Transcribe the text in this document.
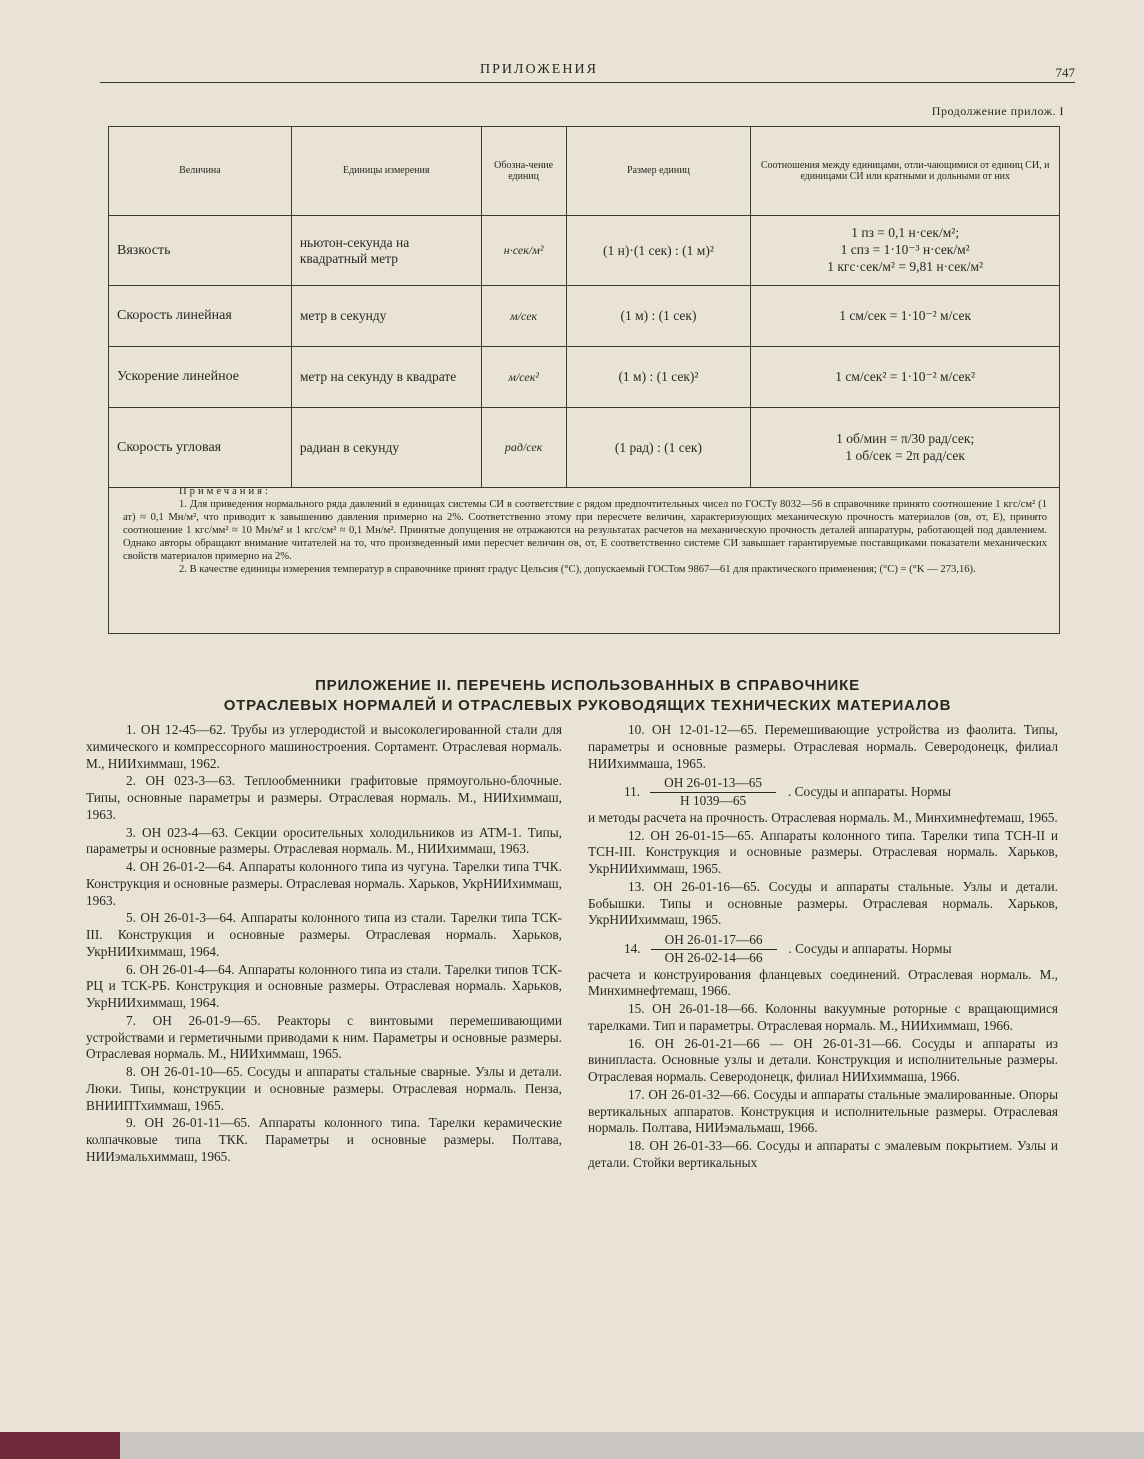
ПРИЛОЖЕНИЯ	747
Продолжение прилож. I
Величина	Единицы измерения	Обозна-чение единиц	Размер единиц	Соотношения между единицами, отли-чающимися от единиц СИ, и единицами СИ или кратными и дольными от них
Вязкость	ньютон-секунда на квадратный метр	н·сек/м²	(1 н)·(1 сек) : (1 м)²	1 пз = 0,1 н·сек/м²;
1 спз = 1·10⁻³ н·сек/м²
1 кгс·сек/м² = 9,81 н·сек/м²

Скорость линейная	метр в секунду	м/сек	(1 м) : (1 сек)	1 см/сек = 1·10⁻² м/сек

Ускорение линейное	метр на секунду в квадрате	м/сек²	(1 м) : (1 сек)²	1 см/сек² = 1·10⁻² м/сек²

Скорость угловая	радиан в секунду	рад/сек	(1 рад) : (1 сек)	1 об/мин = π/30 рад/сек;
1 об/сек = 2π рад/сек
Примечания:

1. Для приведения нормального ряда давлений в единицах системы СИ в соответствие с рядом предпочтительных чисел по ГОСТу 8032—56 в справочнике принято соотношение 1 кгс/см² (1 ат) ≈ 0,1 Мн/м², что приводит к завышению давления примерно на 2%. Соответственно этому при пересчете величин, характеризующих механическую прочность материалов (σв, σт, E), принято соотношение 1 кгс/мм² ≈ 10 Мн/м² и 1 кгс/см² ≈ 0,1 Мн/м². Принятые допущения не отражаются на результатах расчетов на механическую прочность деталей аппаратуры, работающей под давлением. Однако авторы обращают внимание читателей на то, что произведенный ими пересчет величин σв, σт, E соответственно системе СИ завышает гарантируемые поставщиками показатели механических свойств материалов примерно на 2%.

2. В качестве единицы измерения температур в справочнике принят градус Цельсия (°C), допускаемый ГОСТом 9867—61 для практического применения; (°C) = (°K — 273,16).

ПРИЛОЖЕНИЕ II. ПЕРЕЧЕНЬ ИСПОЛЬЗОВАННЫХ В СПРАВОЧНИКЕ
ОТРАСЛЕВЫХ НОРМАЛЕЙ И ОТРАСЛЕВЫХ РУКОВОДЯЩИХ ТЕХНИЧЕСКИХ МАТЕРИАЛОВ

1. ОН 12-45—62. Трубы из углеродистой и высоколегированной стали для химического и компрессорного машиностроения. Сортамент. Отраслевая нормаль. М., НИИхиммаш, 1962.

2. ОН 023-3—63. Теплообменники графитовые прямоугольно-блочные. Типы, основные параметры и размеры. Отраслевая нормаль. М., НИИхиммаш, 1963.

3. ОН 023-4—63. Секции оросительных холодильников из АТМ-1. Типы, параметры и основные размеры. Отраслевая нормаль. М., НИИхиммаш, 1963.

4. ОН 26-01-2—64. Аппараты колонного типа из чугуна. Тарелки типа ТЧК. Конструкция и основные размеры. Отраслевая нормаль. Харьков, УкрНИИхиммаш, 1963.

5. ОН 26-01-3—64. Аппараты колонного типа из стали. Тарелки типа ТСК-III. Конструкция и основные размеры. Отраслевая нормаль. Харьков, УкрНИИхиммаш, 1964.

6. ОН 26-01-4—64. Аппараты колонного типа из стали. Тарелки типов ТСК-РЦ и ТСК-РБ. Конструкция и основные размеры. Отраслевая нормаль. Харьков, УкрНИИхиммаш, 1964.

7. ОН 26-01-9—65. Реакторы с винтовыми перемешивающими устройствами и герметичными приводами к ним. Параметры и основные размеры. Отраслевая нормаль. М., НИИхиммаш, 1965.

8. ОН 26-01-10—65. Сосуды и аппараты стальные сварные. Узлы и детали. Люки. Типы, конструкции и основные размеры. Отраслевая нормаль. Пенза, ВНИИПТхиммаш, 1965.

9. ОН 26-01-11—65. Аппараты колонного типа. Тарелки керамические колпачковые типа ТКК. Параметры и основные размеры. Полтава, НИИэмальхиммаш, 1965.

10. ОН 12-01-12—65. Перемешивающие устройства из фаолита. Типы, параметры и основные размеры. Отраслевая нормаль. Северодонецк, филиал НИИхиммаша, 1965.

11. $\frac{ОН 26-01-13—65}{Н 1039—65}$ . Сосуды и аппараты. Нормы

и методы расчета на прочность. Отраслевая нормаль. М., Минхимнефтемаш, 1965.

12. ОН 26-01-15—65. Аппараты колонного типа. Тарелки типа ТСН-II и ТСН-III. Конструкция и основные размеры. Отраслевая нормаль. Харьков, УкрНИИхиммаш, 1965.

13. ОН 26-01-16—65. Сосуды и аппараты стальные. Узлы и детали. Бобышки. Типы и основные размеры. Отраслевая нормаль. Харьков, УкрНИИхиммаш, 1965.

14. $\frac{ОН 26-01-17—66}{ОН 26-02-14—66}$ . Сосуды и аппараты. Нормы

расчета и конструирования фланцевых соединений. Отраслевая нормаль. М., Минхимнефтемаш, 1966.

15. ОН 26-01-18—66. Колонны вакуумные роторные с вращающимися тарелками. Тип и параметры. Отраслевая нормаль. М., НИИхиммаш, 1966.

16. ОН 26-01-21—66 — ОН 26-01-31—66. Сосуды и аппараты из винипласта. Основные узлы и детали. Конструкция и исполнительные размеры. Отраслевая нормаль. Северодонецк, филиал НИИхиммаша, 1966.

17. ОН 26-01-32—66. Сосуды и аппараты стальные эмалированные. Опоры вертикальных аппаратов. Конструкция и исполнительные размеры. Отраслевая нормаль. Полтава, НИИэмальмаш, 1966.

18. ОН 26-01-33—66. Сосуды и аппараты с эмалевым покрытием. Узлы и детали. Стойки вертикальных
